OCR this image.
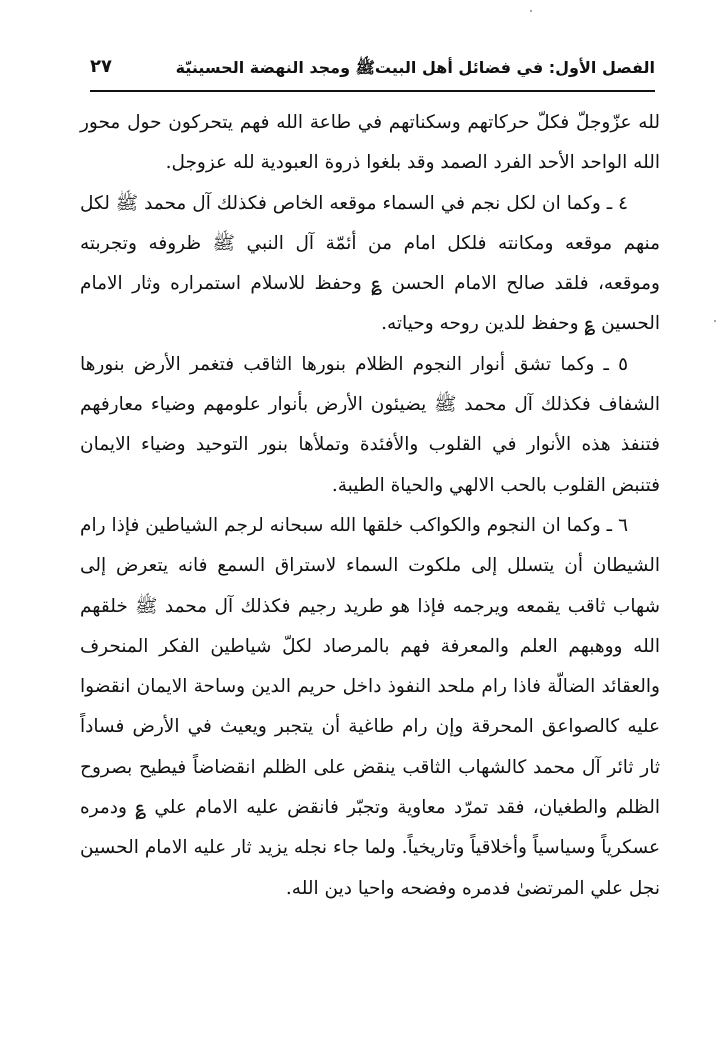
الفصل الأول: في فضائل أهل البيتﷺ ومجد النهضة الحسينيّة
٢٧

لله عزّوجلّ فكلّ حركاتهم وسكناتهم في طاعة الله فهم يتحركون حول محور الله الواحد الأحد الفرد الصمد وقد بلغوا ذروة العبودية لله عزوجل.

٤ ـ وكما ان لكل نجم في السماء موقعه الخاص فكذلك آل محمد ﷺ لكل منهم موقعه ومكانته فلكل امام من أئمّة آل النبي ﷺ ظروفه وتجربته وموقعه، فلقد صالح الامام الحسن ؏ وحفظ للاسلام استمراره وثار الامام الحسين ؏ وحفظ للدين روحه وحياته.

٥ ـ وكما تشق أنوار النجوم الظلام بنورها الثاقب فتغمر الأرض بنورها الشفاف فكذلك آل محمد ﷺ يضيئون الأرض بأنوار علومهم وضياء معارفهم فتنفذ هذه الأنوار في القلوب والأفئدة وتملأها بنور التوحيد وضياء الايمان فتنبض القلوب بالحب الالهي والحياة الطيبة.

٦ ـ وكما ان النجوم والكواكب خلقها الله سبحانه لرجم الشياطين فإذا رام الشيطان أن يتسلل إلى ملكوت السماء لاستراق السمع فانه يتعرض إلى شهاب ثاقب يقمعه ويرجمه فإذا هو طريد رجيم فكذلك آل محمد ﷺ خلقهم الله ووهبهم العلم والمعرفة فهم بالمرصاد لكلّ شياطين الفكر المنحرف والعقائد الضالّة فاذا رام ملحد النفوذ داخل حريم الدين وساحة الايمان انقضوا عليه كالصواعق المحرقة وإن رام طاغية أن يتجبر ويعيث في الأرض فساداً ثار ثائر آل محمد كالشهاب الثاقب ينقض على الظلم انقضاضاً فيطيح بصروح الظلم والطغيان، فقد تمرّد معاوية وتجبّر فانقض عليه الامام علي ؏ ودمره عسكرياً وسياسياً وأخلاقياً وتاريخياً. ولما جاء نجله يزيد ثار عليه الامام الحسين نجل علي المرتضىٰ فدمره وفضحه واحيا دين الله.
